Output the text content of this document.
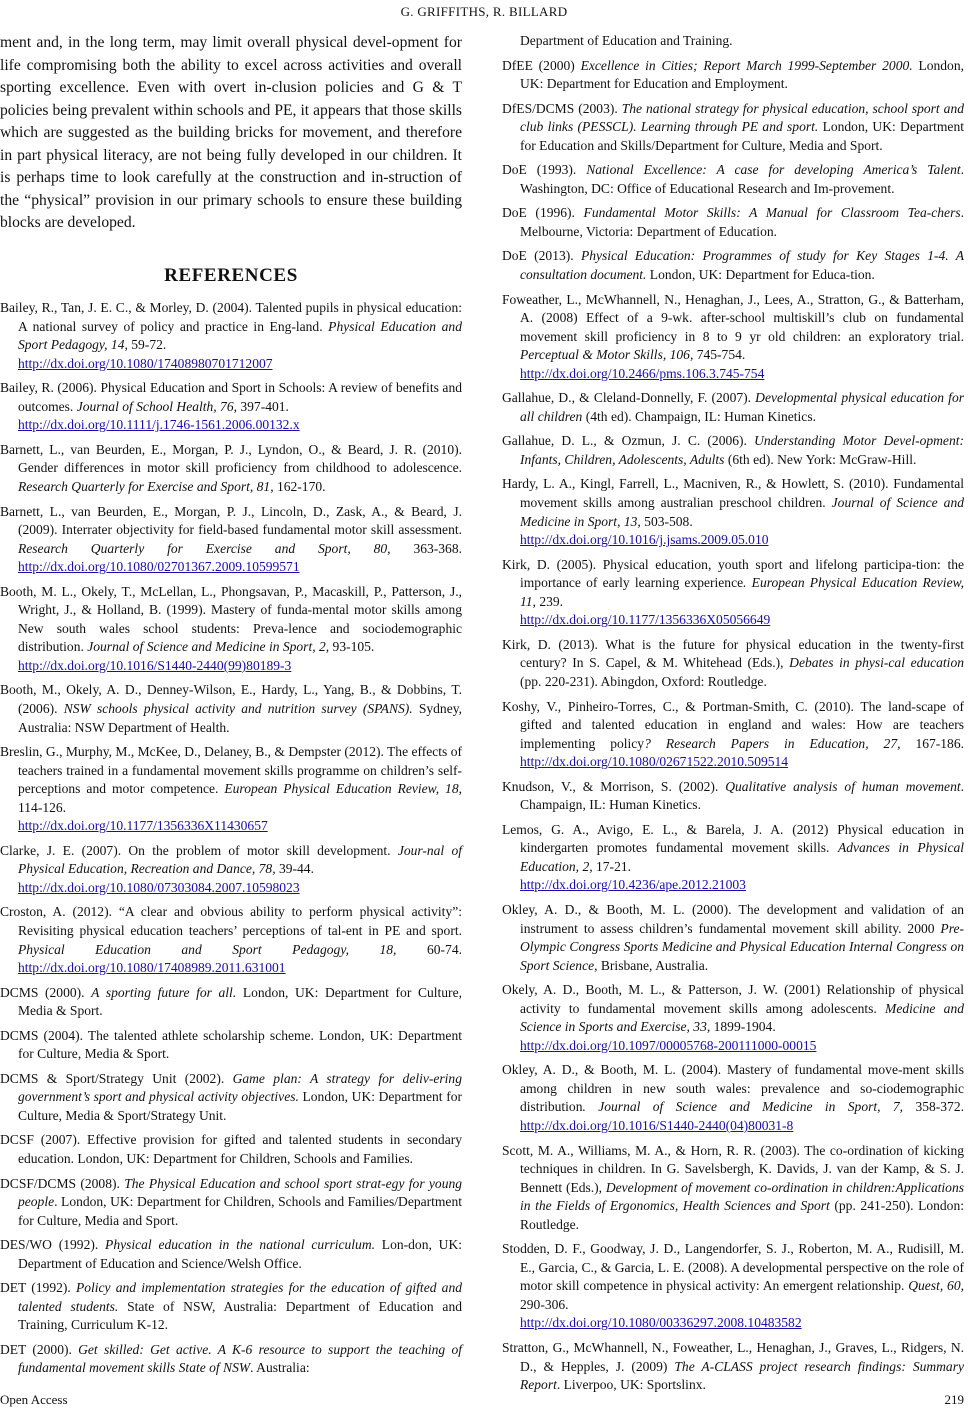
G. GRIFFITHS, R. BILLARD

ment and, in the long term, may limit overall physical devel-opment for life compromising both the ability to excel across activities and overall sporting excellence. Even with overt in-clusion policies and G & T policies being prevalent within schools and PE, it appears that those skills which are suggested as the building bricks for movement, and therefore in part physical literacy, are not being fully developed in our children. It is perhaps time to look carefully at the construction and in-struction of the “physical” provision in our primary schools to ensure these building blocks are developed.

REFERENCES
Bailey, R., Tan, J. E. C., & Morley, D. (2004). Talented pupils in physical education: A national survey of policy and practice in Eng-land. Physical Education and Sport Pedagogy, 14, 59-72.
http://dx.doi.org/10.1080/17408980701712007
Bailey, R. (2006). Physical Education and Sport in Schools: A review of benefits and outcomes. Journal of School Health, 76, 397-401.
http://dx.doi.org/10.1111/j.1746-1561.2006.00132.x
Barnett, L., van Beurden, E., Morgan, P. J., Lyndon, O., & Beard, J. R. (2010). Gender differences in motor skill proficiency from childhood to adolescence. Research Quarterly for Exercise and Sport, 81, 162-170.
Barnett, L., van Beurden, E., Morgan, P. J., Lincoln, D., Zask, A., & Beard, J. (2009). Interrater objectivity for field-based fundamental motor skill assessment. Research Quarterly for Exercise and Sport, 80, 363-368. http://dx.doi.org/10.1080/02701367.2009.10599571
Booth, M. L., Okely, T., McLellan, L., Phongsavan, P., Macaskill, P., Patterson, J., Wright, J., & Holland, B. (1999). Mastery of funda-mental motor skills among New south wales school students: Preva-lence and sociodemographic distribution. Journal of Science and Medicine in Sport, 2, 93-105.
http://dx.doi.org/10.1016/S1440-2440(99)80189-3
Booth, M., Okely, A. D., Denney-Wilson, E., Hardy, L., Yang, B., & Dobbins, T. (2006). NSW schools physical activity and nutrition survey (SPANS). Sydney, Australia: NSW Department of Health.
Breslin, G., Murphy, M., McKee, D., Delaney, B., & Dempster (2012). The effects of teachers trained in a fundamental movement skills programme on children’s self-perceptions and motor competence. European Physical Education Review, 18, 114-126.
http://dx.doi.org/10.1177/1356336X11430657
Clarke, J. E. (2007). On the problem of motor skill development. Jour-nal of Physical Education, Recreation and Dance, 78, 39-44.
http://dx.doi.org/10.1080/07303084.2007.10598023
Croston, A. (2012). “A clear and obvious ability to perform physical activity”: Revisiting physical education teachers’ perceptions of tal-ent in PE and sport. Physical Education and Sport Pedagogy, 18, 60-74. http://dx.doi.org/10.1080/17408989.2011.631001
DCMS (2000). A sporting future for all. London, UK: Department for Culture, Media & Sport.
DCMS (2004). The talented athlete scholarship scheme. London, UK: Department for Culture, Media & Sport.
DCMS & Sport/Strategy Unit (2002). Game plan: A strategy for deliv-ering government’s sport and physical activity objectives. London, UK: Department for Culture, Media & Sport/Strategy Unit.
DCSF (2007). Effective provision for gifted and talented students in secondary education. London, UK: Department for Children, Schools and Families.
DCSF/DCMS (2008). The Physical Education and school sport strat-egy for young people. London, UK: Department for Children, Schools and Families/Department for Culture, Media and Sport.
DES/WO (1992). Physical education in the national curriculum. Lon-don, UK: Department of Education and Science/Welsh Office.
DET (1992). Policy and implementation strategies for the education of gifted and talented students. State of NSW, Australia: Department of Education and Training, Curriculum K-12.
DET (2000). Get skilled: Get active. A K-6 resource to support the teaching of fundamental movement skills State of NSW. Australia:
Department of Education and Training.
DfEE (2000) Excellence in Cities; Report March 1999-September 2000. London, UK: Department for Education and Employment.
DfES/DCMS (2003). The national strategy for physical education, school sport and club links (PESSCL). Learning through PE and sport. London, UK: Department for Education and Skills/Department for Culture, Media and Sport.
DoE (1993). National Excellence: A case for developing America’s Talent. Washington, DC: Office of Educational Research and Im-provement.
DoE (1996). Fundamental Motor Skills: A Manual for Classroom Tea-chers. Melbourne, Victoria: Department of Education.
DoE (2013). Physical Education: Programmes of study for Key Stages 1-4. A consultation document. London, UK: Department for Educa-tion.
Foweather, L., McWhannell, N., Henaghan, J., Lees, A., Stratton, G., & Batterham, A. (2008) Effect of a 9-wk. after-school multiskill’s club on fundamental movement skill proficiency in 8 to 9 yr old children: an exploratory trial. Perceptual & Motor Skills, 106, 745-754.
http://dx.doi.org/10.2466/pms.106.3.745-754
Gallahue, D., & Cleland-Donnelly, F. (2007). Developmental physical education for all children (4th ed). Champaign, IL: Human Kinetics.
Gallahue, D. L., & Ozmun, J. C. (2006). Understanding Motor Devel-opment: Infants, Children, Adolescents, Adults (6th ed). New York: McGraw-Hill.
Hardy, L. A., Kingl, Farrell, L., Macniven, R., & Howlett, S. (2010). Fundamental movement skills among australian preschool children. Journal of Science and Medicine in Sport, 13, 503-508.
http://dx.doi.org/10.1016/j.jsams.2009.05.010
Kirk, D. (2005). Physical education, youth sport and lifelong participa-tion: the importance of early learning experience. European Physical Education Review, 11, 239.
http://dx.doi.org/10.1177/1356336X05056649
Kirk, D. (2013). What is the future for physical education in the twenty-first century? In S. Capel, & M. Whitehead (Eds.), Debates in physi-cal education (pp. 220-231). Abingdon, Oxford: Routledge.
Koshy, V., Pinheiro-Torres, C., & Portman-Smith, C. (2010). The land-scape of gifted and talented education in england and wales: How are teachers implementing policy? Research Papers in Education, 27, 167-186. http://dx.doi.org/10.1080/02671522.2010.509514
Knudson, V., & Morrison, S. (2002). Qualitative analysis of human movement. Champaign, IL: Human Kinetics.
Lemos, G. A., Avigo, E. L., & Barela, J. A. (2012) Physical education in kindergarten promotes fundamental movement skills. Advances in Physical Education, 2, 17-21.
http://dx.doi.org/10.4236/ape.2012.21003
Okley, A. D., & Booth, M. L. (2000). The development and validation of an instrument to assess children’s fundamental movement skill ability. 2000 Pre-Olympic Congress Sports Medicine and Physical Education Internal Congress on Sport Science, Brisbane, Australia.
Okely, A. D., Booth, M. L., & Patterson, J. W. (2001) Relationship of physical activity to fundamental movement skills among adolescents. Medicine and Science in Sports and Exercise, 33, 1899-1904.
http://dx.doi.org/10.1097/00005768-200111000-00015
Okley, A. D., & Booth, M. L. (2004). Mastery of fundamental move-ment skills among children in new south wales: prevalence and so-ciodemographic distribution. Journal of Science and Medicine in Sport, 7, 358-372. http://dx.doi.org/10.1016/S1440-2440(04)80031-8
Scott, M. A., Williams, M. A., & Horn, R. R. (2003). The co-ordination of kicking techniques in children. In G. Savelsbergh, K. Davids, J. van der Kamp, & S. J. Bennett (Eds.), Development of movement co-ordination in children:Applications in the Fields of Ergonomics, Health Sciences and Sport (pp. 241-250). London: Routledge.
Stodden, D. F., Goodway, J. D., Langendorfer, S. J., Roberton, M. A., Rudisill, M. E., Garcia, C., & Garcia, L. E. (2008). A developmental perspective on the role of motor skill competence in physical activity: An emergent relationship. Quest, 60, 290-306.
http://dx.doi.org/10.1080/00336297.2008.10483582
Stratton, G., McWhannell, N., Foweather, L., Henaghan, J., Graves, L., Ridgers, N. D., & Hepples, J. (2009) The A-CLASS project research findings: Summary Report. Liverpoo, UK: Sportslinx.
Open Access	219
